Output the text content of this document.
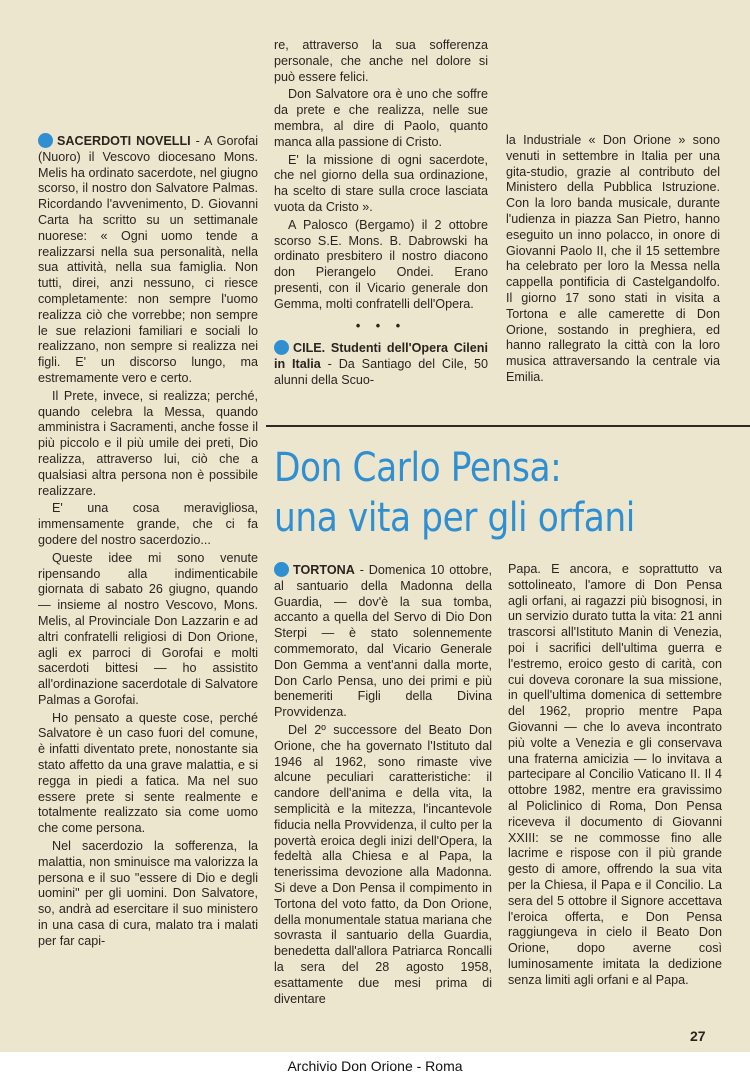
SACERDOTI NOVELLI - A Gorofai (Nuoro) il Vescovo diocesano Mons. Melis ha ordinato sacerdote, nel giugno scorso, il nostro don Salvatore Palmas. Ricordando l'avvenimento, D. Giovanni Carta ha scritto su un settimanale nuorese: « Ogni uomo tende a realizzarsi nella sua personalità, nella sua attività, nella sua famiglia. Non tutti, direi, anzi nessuno, ci riesce completamente: non sempre l'uomo realizza ciò che vorrebbe; non sempre le sue relazioni familiari e sociali lo realizzano, non sempre si realizza nei figli. E' un discorso lungo, ma estremamente vero e certo.

Il Prete, invece, si realizza; perché, quando celebra la Messa, quando amministra i Sacramenti, anche fosse il più piccolo e il più umile dei preti, Dio realizza, attraverso lui, ciò che a qualsiasi altra persona non è possibile realizzare.

E' una cosa meravigliosa, immensamente grande, che ci fa godere del nostro sacerdozio...

Queste idee mi sono venute ripensando alla indimenticabile giornata di sabato 26 giugno, quando — insieme al nostro Vescovo, Mons. Melis, al Provinciale Don Lazzarin e ad altri confratelli religiosi di Don Orione, agli ex parroci di Gorofai e molti sacerdoti bittesi — ho assistito all'ordinazione sacerdotale di Salvatore Palmas a Gorofai.

Ho pensato a queste cose, perché Salvatore è un caso fuori del comune, è infatti diventato prete, nonostante sia stato affetto da una grave malattia, e si regga in piedi a fatica. Ma nel suo essere prete si sente realmente e totalmente realizzato sia come uomo che come persona.

Nel sacerdozio la sofferenza, la malattia, non sminuisce ma valorizza la persona e il suo "essere di Dio e degli uomini" per gli uomini. Don Salvatore, so, andrà ad esercitare il suo ministero in una casa di cura, malato tra i malati per far capi-

re, attraverso la sua sofferenza personale, che anche nel dolore si può essere felici.

Don Salvatore ora è uno che soffre da prete e che realizza, nelle sue membra, al dire di Paolo, quanto manca alla passione di Cristo.

E' la missione di ogni sacerdote, che nel giorno della sua ordinazione, ha scelto di stare sulla croce lasciata vuota da Cristo ».

A Palosco (Bergamo) il 2 ottobre scorso S.E. Mons. B. Dabrowski ha ordinato presbitero il nostro diacono don Pierangelo Ondei. Erano presenti, con il Vicario generale don Gemma, molti confratelli dell'Opera.

• • •

CILE. Studenti dell'Opera Cileni in Italia - Da Santiago del Cile, 50 alunni della Scuo-

la Industriale « Don Orione » sono venuti in settembre in Italia per una gita-studio, grazie al contributo del Ministero della Pubblica Istruzione. Con la loro banda musicale, durante l'udienza in piazza San Pietro, hanno eseguito un inno polacco, in onore di Giovanni Paolo II, che il 15 settembre ha celebrato per loro la Messa nella cappella pontificia di Castelgandolfo. Il giorno 17 sono stati in visita a Tortona e alle camerette di Don Orione, sostando in preghiera, ed hanno rallegrato la città con la loro musica attraversando la centrale via Emilia.

Don Carlo Pensa:
una vita per gli orfani

TORTONA - Domenica 10 ottobre, al santuario della Madonna della Guardia, — dov'è la sua tomba, accanto a quella del Servo di Dio Don Sterpi — è stato solennemente commemorato, dal Vicario Generale Don Gemma a vent'anni dalla morte, Don Carlo Pensa, uno dei primi e più benemeriti Figli della Divina Provvidenza.

Del 2º successore del Beato Don Orione, che ha governato l'Istituto dal 1946 al 1962, sono rimaste vive alcune peculiari caratteristiche: il candore dell'anima e della vita, la semplicità e la mitezza, l'incantevole fiducia nella Provvidenza, il culto per la povertà eroica degli inizi dell'Opera, la fedeltà alla Chiesa e al Papa, la tenerissima devozione alla Madonna. Si deve a Don Pensa il compimento in Tortona del voto fatto, da Don Orione, della monumentale statua mariana che sovrasta il santuario della Guardia, benedetta dall'allora Patriarca Roncalli la sera del 28 agosto 1958, esattamente due mesi prima di diventare

Papa. E ancora, e soprattutto va sottolineato, l'amore di Don Pensa agli orfani, ai ragazzi più bisognosi, in un servizio durato tutta la vita: 21 anni trascorsi all'Istituto Manin di Venezia, poi i sacrifici dell'ultima guerra e l'estremo, eroico gesto di carità, con cui doveva coronare la sua missione, in quell'ultima domenica di settembre del 1962, proprio mentre Papa Giovanni — che lo aveva incontrato più volte a Venezia e gli conservava una fraterna amicizia — lo invitava a partecipare al Concilio Vaticano II. Il 4 ottobre 1982, mentre era gravissimo al Policlinico di Roma, Don Pensa riceveva il documento di Giovanni XXIII: se ne commosse fino alle lacrime e rispose con il più grande gesto di amore, offrendo la sua vita per la Chiesa, il Papa e il Concilio. La sera del 5 ottobre il Signore accettava l'eroica offerta, e Don Pensa raggiungeva in cielo il Beato Don Orione, dopo averne così luminosamente imitata la dedizione senza limiti agli orfani e al Papa.

27
Archivio Don Orione - Roma
